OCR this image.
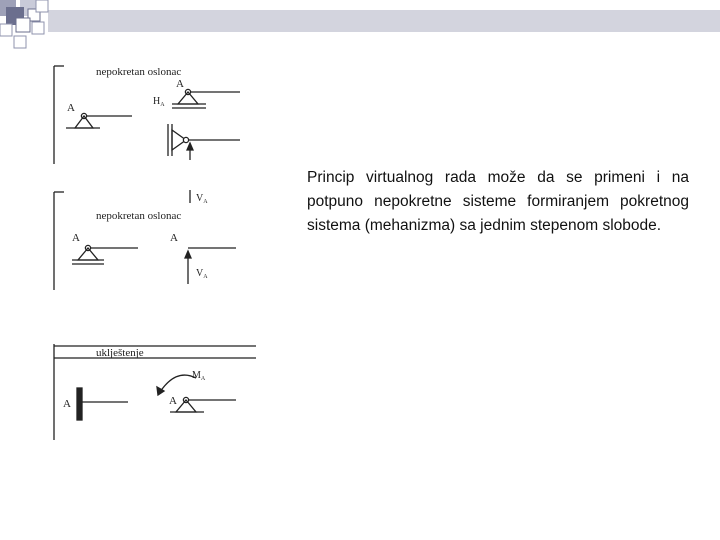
nepokretan oslonac
A
A
$H_A$
nepokretan oslonac
A	A
$V_A$
$V_A$
uklještenje
A
$M_A$
A
Princip virtualnog rada može da se primeni i na potpuno nepokretne sisteme formiranjem pokretnog sistema (mehanizma) sa jednim stepenom slobode.
